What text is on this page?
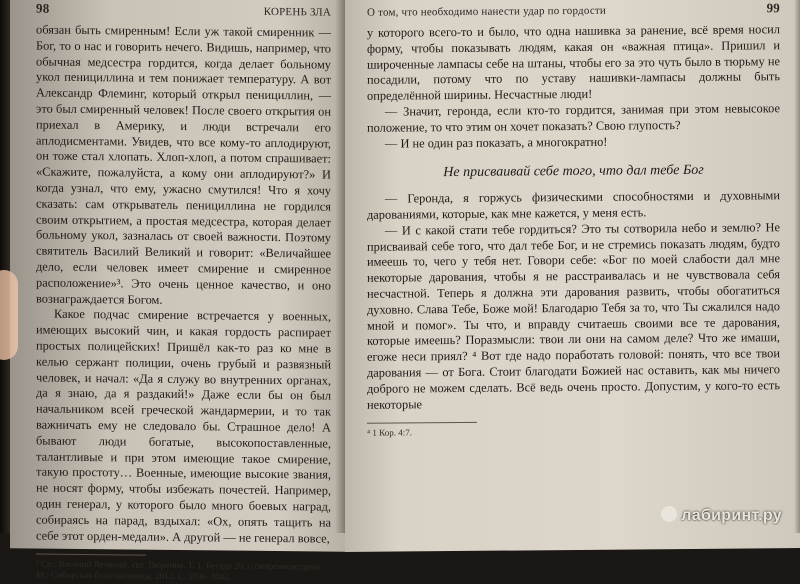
98	КОРЕНЬ ЗЛА

обязан быть смиренным! Если уж такой смиренник — Бог, то о нас и говорить нечего. Видишь, например, что обычная медсестра гордится, когда делает больному укол пенициллина и тем понижает температуру. А вот Александр Флеминг, который открыл пенициллин, — это был смиренный человек! После своего открытия он приехал в Америку, и люди встречали его аплодисментами. Увидев, что все кому-то аплодируют, он тоже стал хлопать. Хлоп-хлоп, а потом спрашивает: «Скажите, пожалуйста, а кому они аплодируют?» И когда узнал, что ему, ужасно смутился! Что я хочу сказать: сам открыватель пенициллина не гордился своим открытием, а простая медсестра, которая делает больному укол, зазналась от своей важности. Поэтому святитель Василий Великий и говорит: «Величайшее дело, если человек имеет смирение и смиренное расположение»³. Это очень ценное качество, и оно вознаграждается Богом.

Какое подчас смирение встречается у военных, имеющих высокий чин, и какая гордость распирает простых полицейских! Пришёл как-то раз ко мне в келью сержант полиции, очень грубый и развязный человек, и начал: «Да я служу во внутренних органах, да я знаю, да я раздакий!» Даже если бы он был начальником всей греческой жандармерии, и то так важничать ему не следовало бы. Страшное дело! А бывают люди богатые, высокопоставленные, талантливые и при этом имеющие такое смирение, такую простоту… Военные, имеющие высокие звания, не носят форму, чтобы избежать почестей. Например, один генерал, у которого было много боевых наград, собираясь на парад, вздыхал: «Ох, опять тащить на себе этот орден-медали». А другой — не генерал вовсе,

³ Ср.: Василий Великий, свт. Творения. Т. 1. Беседа 20, о смиренномудрии. М.: Сибирская благозвонница, 2012. С. 1036–1042.
О том, что необходимо нанести удар по гордости	99

у которого всего-то и было, что одна нашивка за ранение, всё время носил форму, чтобы показывать людям, какая он «важная птица». Пришил и широченные лампасы себе на штаны, чтобы его за это чуть было в тюрьму не посадили, потому что по уставу нашивки-лампасы должны быть определённой ширины. Несчастные люди!

— Значит, геронда, если кто-то гордится, занимая при этом невысокое положение, то что этим он хочет показать? Свою глупость?

— И не один раз показать, а многократно!

Не присваивай себе того, что дал тебе Бог

— Геронда, я горжусь физическими способностями и духовными дарованиями, которые, как мне кажется, у меня есть.

— И с какой стати тебе гордиться? Это ты сотворила небо и землю? Не присваивай себе того, что дал тебе Бог, и не стремись показать людям, будто имеешь то, чего у тебя нет. Говори себе: «Бог по моей слабости дал мне некоторые дарования, чтобы я не расстраивалась и не чувствовала себя несчастной. Теперь я должна эти дарования развить, чтобы обогатиться духовно. Слава Тебе, Боже мой! Благодарю Тебя за то, что Ты сжалился надо мной и помог». Ты что, и вправду считаешь своими все те дарования, которые имеешь? Поразмысли: твои ли они на самом деле? Что же имаши, егоже неси приял? ⁴ Вот где надо поработать головой: понять, что все твои дарования — от Бога. Стоит благодати Божией нас оставить, как мы ничего доброго не можем сделать. Всё ведь очень просто. Допустим, у кого-то есть некоторые

⁴ 1 Кор. 4:7.
лабиринт.ру
